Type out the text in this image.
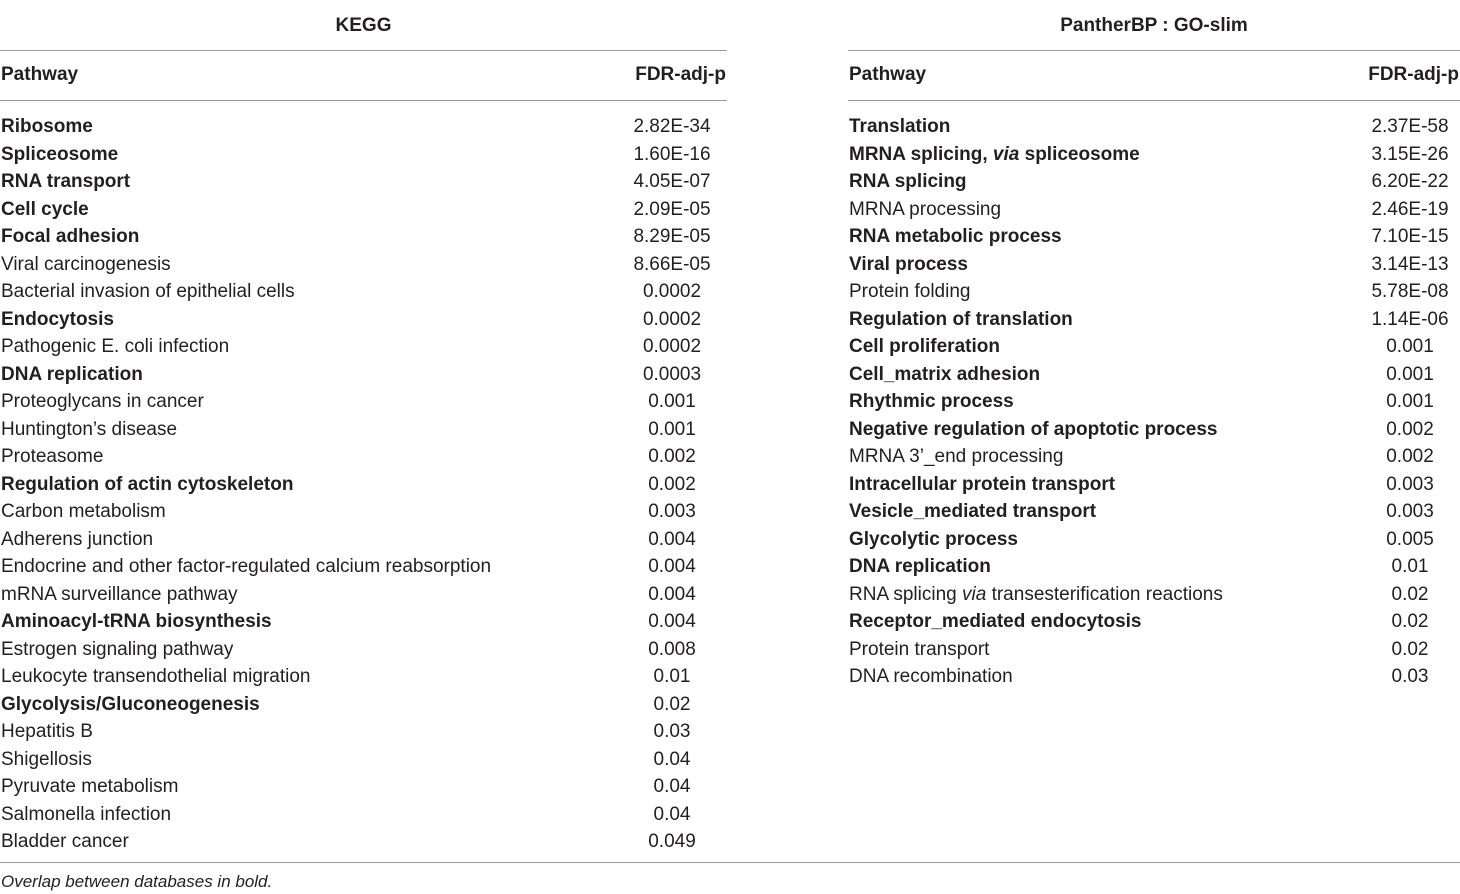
KEGG
Pathway	FDR-adj-p
Ribosome	2.82E-34
Spliceosome	1.60E-16
RNA transport	4.05E-07
Cell cycle	2.09E-05
Focal adhesion	8.29E-05
Viral carcinogenesis	8.66E-05
Bacterial invasion of epithelial cells	0.0002
Endocytosis	0.0002
Pathogenic E. coli infection	0.0002
DNA replication	0.0003
Proteoglycans in cancer	0.001
Huntington’s disease	0.001
Proteasome	0.002
Regulation of actin cytoskeleton	0.002
Carbon metabolism	0.003
Adherens junction	0.004
Endocrine and other factor-regulated calcium reabsorption	0.004
mRNA surveillance pathway	0.004
Aminoacyl-tRNA biosynthesis	0.004
Estrogen signaling pathway	0.008
Leukocyte transendothelial migration	0.01
Glycolysis/Gluconeogenesis	0.02
Hepatitis B	0.03
Shigellosis	0.04
Pyruvate metabolism	0.04
Salmonella infection	0.04
Bladder cancer	0.049
PantherBP : GO-slim
Pathway	FDR-adj-p
Translation	2.37E-58
MRNA splicing, via spliceosome	3.15E-26
RNA splicing	6.20E-22
MRNA processing	2.46E-19
RNA metabolic process	7.10E-15
Viral process	3.14E-13
Protein folding	5.78E-08
Regulation of translation	1.14E-06
Cell proliferation	0.001
Cell_matrix adhesion	0.001
Rhythmic process	0.001
Negative regulation of apoptotic process	0.002
MRNA 3’_end processing	0.002
Intracellular protein transport	0.003
Vesicle_mediated transport	0.003
Glycolytic process	0.005
DNA replication	0.01
RNA splicing via transesterification reactions	0.02
Receptor_mediated endocytosis	0.02
Protein transport	0.02
DNA recombination	0.03
Overlap between databases in bold.
